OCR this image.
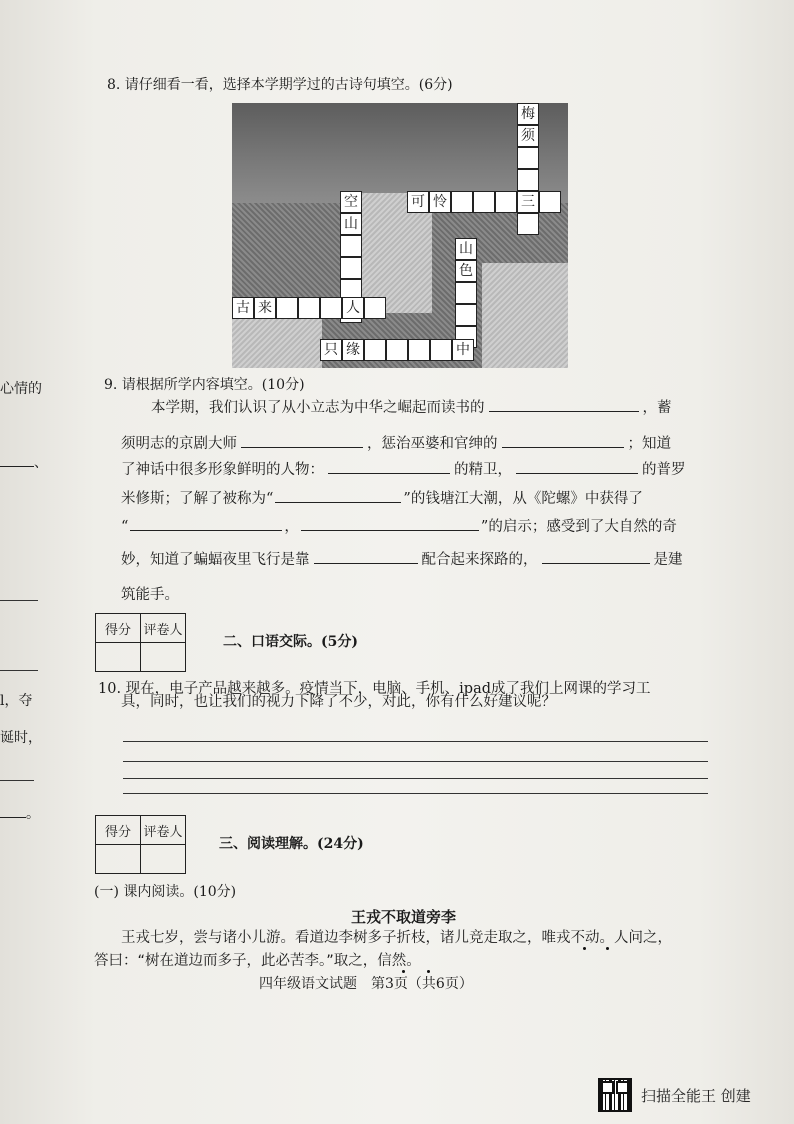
心情的
、
l，夺
诞时，
。
8. 请仔细看一看，选择本学期学过的古诗句填空。(6分)
梅
须
三
可 怜
空
山
古 来	人
山
色
只 缘	中
9. 请根据所学内容填空。(10分)
本学期，我们认识了从小立志为中华之崛起而读书的	，蓄
须明志的京剧大师	，惩治巫婆和官绅的	；知道
了神话中很多形象鲜明的人物：	的精卫，	的普罗
米修斯；了解了被称为“	”的钱塘江大潮，从《陀螺》中获得了
“	，	”的启示；感受到了大自然的奇
妙，知道了蝙蝠夜里飞行是靠	配合起来探路的，	是建
筑能手。
得分	评卷人

二、口语交际。(5分)
10. 现在，电子产品越来越多。疫情当下，电脑、手机、ipad成了我们上网课的学习工
具，同时，也让我们的视力下降了不少，对此，你有什么好建议呢？
得分	评卷人

三、阅读理解。(24分)
(一) 课内阅读。(10分)
王戎不取道旁李
王戎七岁，尝与诸小儿游。看道边李树多子折枝，诸儿竞走取之，唯戎不动。人问之，
答曰：“树在道边而多子，此必苦李。”取之，信然。
四年级语文试题　第3页（共6页）
扫描全能王 创建
